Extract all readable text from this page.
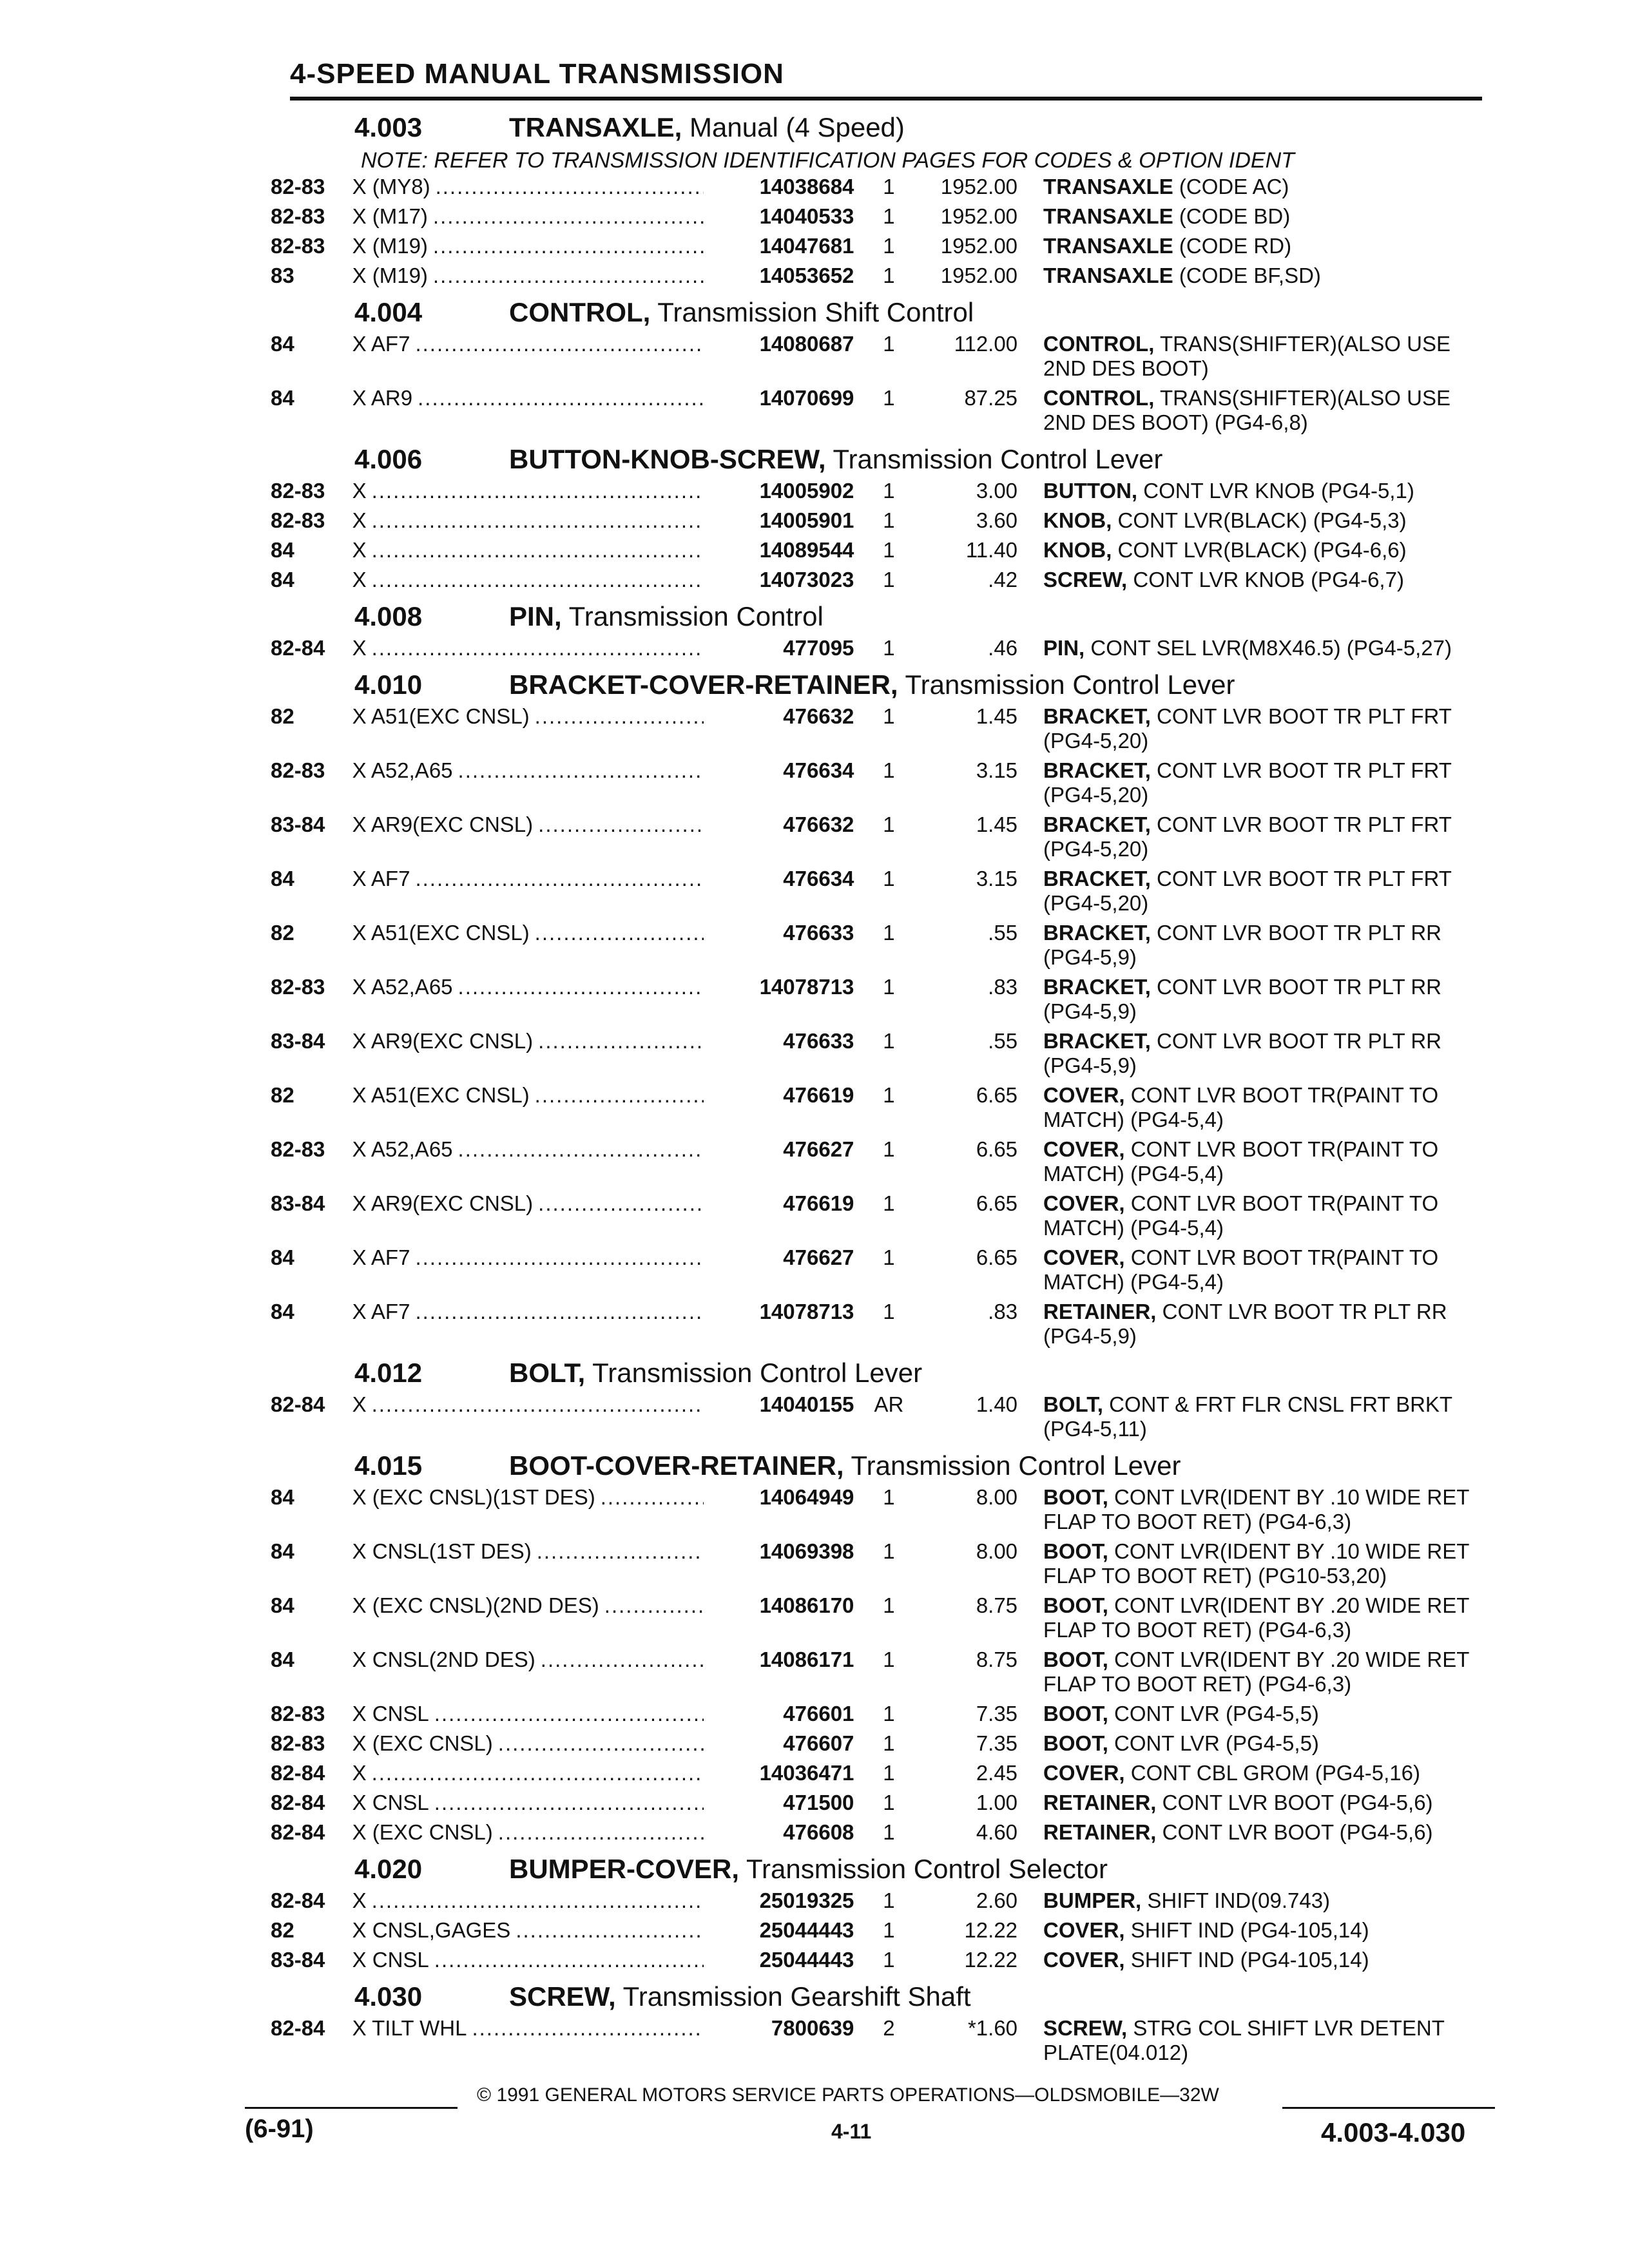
4-SPEED MANUAL TRANSMISSION
4.003	TRANSAXLE, Manual (4 Speed)
NOTE: REFER TO TRANSMISSION IDENTIFICATION PAGES FOR CODES & OPTION IDENT
82-83	X (MY8) .....	14038684	1	1952.00	TRANSAXLE (CODE AC)
82-83	X (M17) .....	14040533	1	1952.00	TRANSAXLE (CODE BD)
82-83	X (M19) .....	14047681	1	1952.00	TRANSAXLE (CODE RD)
83	X (M19) .....	14053652	1	1952.00	TRANSAXLE (CODE BF,SD)
4.004	CONTROL, Transmission Shift Control
84	X AF7 .....	14080687	1	112.00	CONTROL, TRANS(SHIFTER)(ALSO USE 2ND DES BOOT)
84	X AR9 .....	14070699	1	87.25	CONTROL, TRANS(SHIFTER)(ALSO USE 2ND DES BOOT) (PG4-6,8)
4.006	BUTTON-KNOB-SCREW, Transmission Control Lever
82-83	X .....	14005902	1	3.00	BUTTON, CONT LVR KNOB (PG4-5,1)
82-83	X .....	14005901	1	3.60	KNOB, CONT LVR(BLACK) (PG4-5,3)
84	X .....	14089544	1	11.40	KNOB, CONT LVR(BLACK) (PG4-6,6)
84	X .....	14073023	1	.42	SCREW, CONT LVR KNOB (PG4-6,7)
4.008	PIN, Transmission Control
82-84	X .....	477095	1	.46	PIN, CONT SEL LVR(M8X46.5) (PG4-5,27)
4.010	BRACKET-COVER-RETAINER, Transmission Control Lever
82	X A51(EXC CNSL) .....	476632	1	1.45	BRACKET, CONT LVR BOOT TR PLT FRT (PG4-5,20)
82-83	X A52,A65 .....	476634	1	3.15	BRACKET, CONT LVR BOOT TR PLT FRT (PG4-5,20)
83-84	X AR9(EXC CNSL) .....	476632	1	1.45	BRACKET, CONT LVR BOOT TR PLT FRT (PG4-5,20)
84	X AF7 .....	476634	1	3.15	BRACKET, CONT LVR BOOT TR PLT FRT (PG4-5,20)
82	X A51(EXC CNSL) .....	476633	1	.55	BRACKET, CONT LVR BOOT TR PLT RR (PG4-5,9)
82-83	X A52,A65 .....	14078713	1	.83	BRACKET, CONT LVR BOOT TR PLT RR (PG4-5,9)
83-84	X AR9(EXC CNSL) .....	476633	1	.55	BRACKET, CONT LVR BOOT TR PLT RR (PG4-5,9)
82	X A51(EXC CNSL) .....	476619	1	6.65	COVER, CONT LVR BOOT TR(PAINT TO MATCH) (PG4-5,4)
82-83	X A52,A65 .....	476627	1	6.65	COVER, CONT LVR BOOT TR(PAINT TO MATCH) (PG4-5,4)
83-84	X AR9(EXC CNSL) .....	476619	1	6.65	COVER, CONT LVR BOOT TR(PAINT TO MATCH) (PG4-5,4)
84	X AF7 .....	476627	1	6.65	COVER, CONT LVR BOOT TR(PAINT TO MATCH) (PG4-5,4)
84	X AF7 .....	14078713	1	.83	RETAINER, CONT LVR BOOT TR PLT RR (PG4-5,9)
4.012	BOLT, Transmission Control Lever
82-84	X .....	14040155 AR	1.40	BOLT, CONT & FRT FLR CNSL FRT BRKT (PG4-5,11)
4.015	BOOT-COVER-RETAINER, Transmission Control Lever
84	X (EXC CNSL)(1ST DES) .....	14064949	1	8.00	BOOT, CONT LVR(IDENT BY .10 WIDE RET FLAP TO BOOT RET) (PG4-6,3)
84	X CNSL(1ST DES) .....	14069398	1	8.00	BOOT, CONT LVR(IDENT BY .10 WIDE RET FLAP TO BOOT RET) (PG10-53,20)
84	X (EXC CNSL)(2ND DES) .....	14086170	1	8.75	BOOT, CONT LVR(IDENT BY .20 WIDE RET FLAP TO BOOT RET) (PG4-6,3)
84	X CNSL(2ND DES) .....	14086171	1	8.75	BOOT, CONT LVR(IDENT BY .20 WIDE RET FLAP TO BOOT RET) (PG4-6,3)
82-83	X CNSL .....	476601	1	7.35	BOOT, CONT LVR (PG4-5,5)
82-83	X (EXC CNSL) .....	476607	1	7.35	BOOT, CONT LVR (PG4-5,5)
82-84	X .....	14036471	1	2.45	COVER, CONT CBL GROM (PG4-5,16)
82-84	X CNSL .....	471500	1	1.00	RETAINER, CONT LVR BOOT (PG4-5,6)
82-84	X (EXC CNSL) .....	476608	1	4.60	RETAINER, CONT LVR BOOT (PG4-5,6)
4.020	BUMPER-COVER, Transmission Control Selector
82-84	X .....	25019325	1	2.60	BUMPER, SHIFT IND(09.743)
82	X CNSL,GAGES .....	25044443	1	12.22	COVER, SHIFT IND (PG4-105,14)
83-84	X CNSL .....	25044443	1	12.22	COVER, SHIFT IND (PG4-105,14)
4.030	SCREW, Transmission Gearshift Shaft
82-84	X TILT WHL .....	7800639	2	*1.60	SCREW, STRG COL SHIFT LVR DETENT PLATE(04.012)
© 1991 GENERAL MOTORS SERVICE PARTS OPERATIONS—OLDSMOBILE—32W
(6-91)	4-11	4.003-4.030
